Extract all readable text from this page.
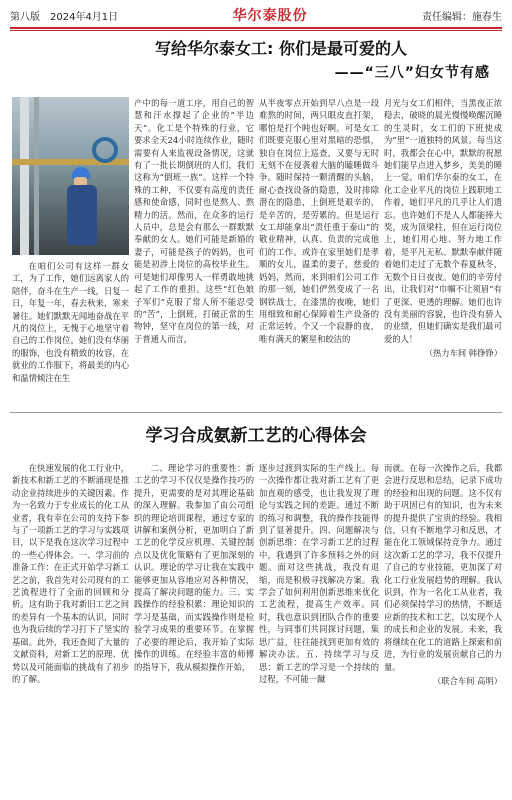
第八版 2024年4月1日	华尔泰股份	责任编辑：施春生
写给华尔泰女工: 你们是最可爱的人
——“三八”妇女节有感

在咱们公司有这样一群女工，为了工作，她们远离家人的陪伴，奋斗在生产一线，日复一日，年复一年，春去秋来，寒来暑往。她们默默无闻地奋战在平凡的岗位上，无愧于心地坚守着自己的工作岗位。她们没有华丽的服饰，也没有精致的妆容，在就业的工作服下，将最美的内心和温情倾注在生

产中的每一道工序，用自己的智慧和汗水撑起了企业的“半边天”。化工是个特殊的行业，它要求全天24小时连续作业，随时需要有人来监视设备情况，这就有了一批长期倒班的人们，我们这称为“倒班一族”。这样一个特殊的工种，不仅要有高度的责任感和使命感，同时也是熬人、熬精力的活。然而，在众多的运行人员中，总是会有那么一群默默奉献的女人。她们可能是新婚的妻子，可能是孩子的妈妈，也可能是初涉上岗位的高校毕业生。可是她们却像男人一样勇敢地挑起了工作的重担。这些“红色娘子军们”克服了常人所不能忍受的“苦”，上倒班，打破正常的生物钟，坚守在岗位的第一线，对于普通人而言，

从半夜零点开始到早八点是一段难熬的时间，两只眼皮直打架，哪怕是打个盹也好啊。可是女工们既要克服心里对黑暗的恐惧，独自在岗位上巡查，又要与无时无刻不在侵袭着大脑的瞌睡做斗争。随时保持一颗清醒的头脑，耐心查找设备的隐患，及时排除潜在的隐患，上倒班是艰辛的，是辛苦的，是劳累的。但是运行女工却能拿出“责任重于泰山”的敬业精神，认真、负责的完成他们的工作。或许在家里她们是孝顺的女儿，温柔的妻子，慈爱的妈妈，然而，来到咱们公司工作的那一刻，她们俨然变成了一名钢铁战士，在漆黑的夜晚，她们用细致和耐心保障着生产设备的正常运转。个又一个寂静的夜，唯有满天的繁星和皎洁的

月光与女工们相伴，当黑夜正浓稳去，破晓的晨光慢慢唤醒沉睡的生灵时，女工们的下班使成为“里”一道独特的风景。每当这时，我都会在心中，默默的祝愿她们能早点进入梦乡，美美的睡上一觉。咱们华尔泰的女工，在化工企业平凡的岗位上践职地工作着，她们平凡的几乎让人们遗忘。也许她们不是人人都能捧大奖，成为顶梁柱，但在运行岗位上，她们用心地、努力地工作着，是平凡无私、默默奉献伴随着她们走过了无数个春夏秋冬，无数个日日夜夜。她们的辛劳付出，让我们对“巾帼不让须眉”有了更深、更透的理解。她们也许没有美丽的容貌，也许没有骄人的业绩，但她们确实是我们最可爱的人！

（热力车间 韩铮铮）

学习合成氨新工艺的心得体会

在快速发展的化工行业中，新技术和新工艺的不断涌现是推动企业持续进步的关键因素。作为一名致力于专业成长的化工从业者，我有幸在公司的支持下参与了一项新工艺的学习与实践项目，以下是我在这次学习过程中的一些心得体会。一、学习前的准备工作：在正式开始学习新工艺之前，我首先对公司现有的工艺流程进行了全面的回顾和分析。这有助于我对新旧工艺之间的差异有一个基本的认识，同时也为我后续的学习打下了坚实的基础。此外，我还查阅了大量的文献资料，对新工艺的原理、优势以及可能面临的挑战有了初步的了解。

二、理论学习的重要性：新工艺的学习不仅仅是操作技巧的提升，更需要的是对其理论基础的深入理解。我参加了由公司组织的理论培训课程，通过专家的讲解和案例分析，更加明白了新工艺的化学反应机理、关键控制点以及优化策略有了更加深刻的认识。理论的学习让我在实践中能够更加从容地应对各种情况，提高了解决问题的能力。三、实践操作的经验积累：理论知识的学习是基础，而实践操作则是检验学习成果的重要环节。在掌握了必要的理论后，我开始了实际操作的训练。在经验丰富的师傅的指导下，我从模拟操作开始，

逐步过渡到实际的生产线上。每一次操作都让我对新工艺有了更加直观的感受，也让我发现了理论与实践之间的差距。通过不断的练习和调整，我的操作技能得到了显著提升。四、问题解决与创新思维：在学习新工艺的过程中，我遇到了许多预料之外的问题。面对这些挑战，我没有退缩，而是积极寻找解决方案。我学会了如何利用创新思维来优化工艺流程，提高生产效率。同时，我也意识到团队合作的重要性，与同事们共同探讨问题，集思广益，往往能找到更加有效的解决办法。五、持续学习与反思：新工艺的学习是一个持续的过程，不可能一蹴

而就。在每一次操作之后，我都会进行反思和总结，记录下成功的经验和出现的问题。这不仅有助于巩固已有的知识，也为未来的提升提供了宝贵的经验。我相信，只有不断地学习和反思，才能在化工领域保持竞争力。通过这次新工艺的学习，我不仅提升了自己的专业技能，更加深了对化工行业发展趋势的理解。我认识到，作为一名化工从业者，我们必须保持学习的热情，不断适应新的技术和工艺，以实现个人的成长和企业的发展。未来，我将继续在化工的道路上探索和前进，为行业的发展贡献自己的力量。

（联合车间 高明）
